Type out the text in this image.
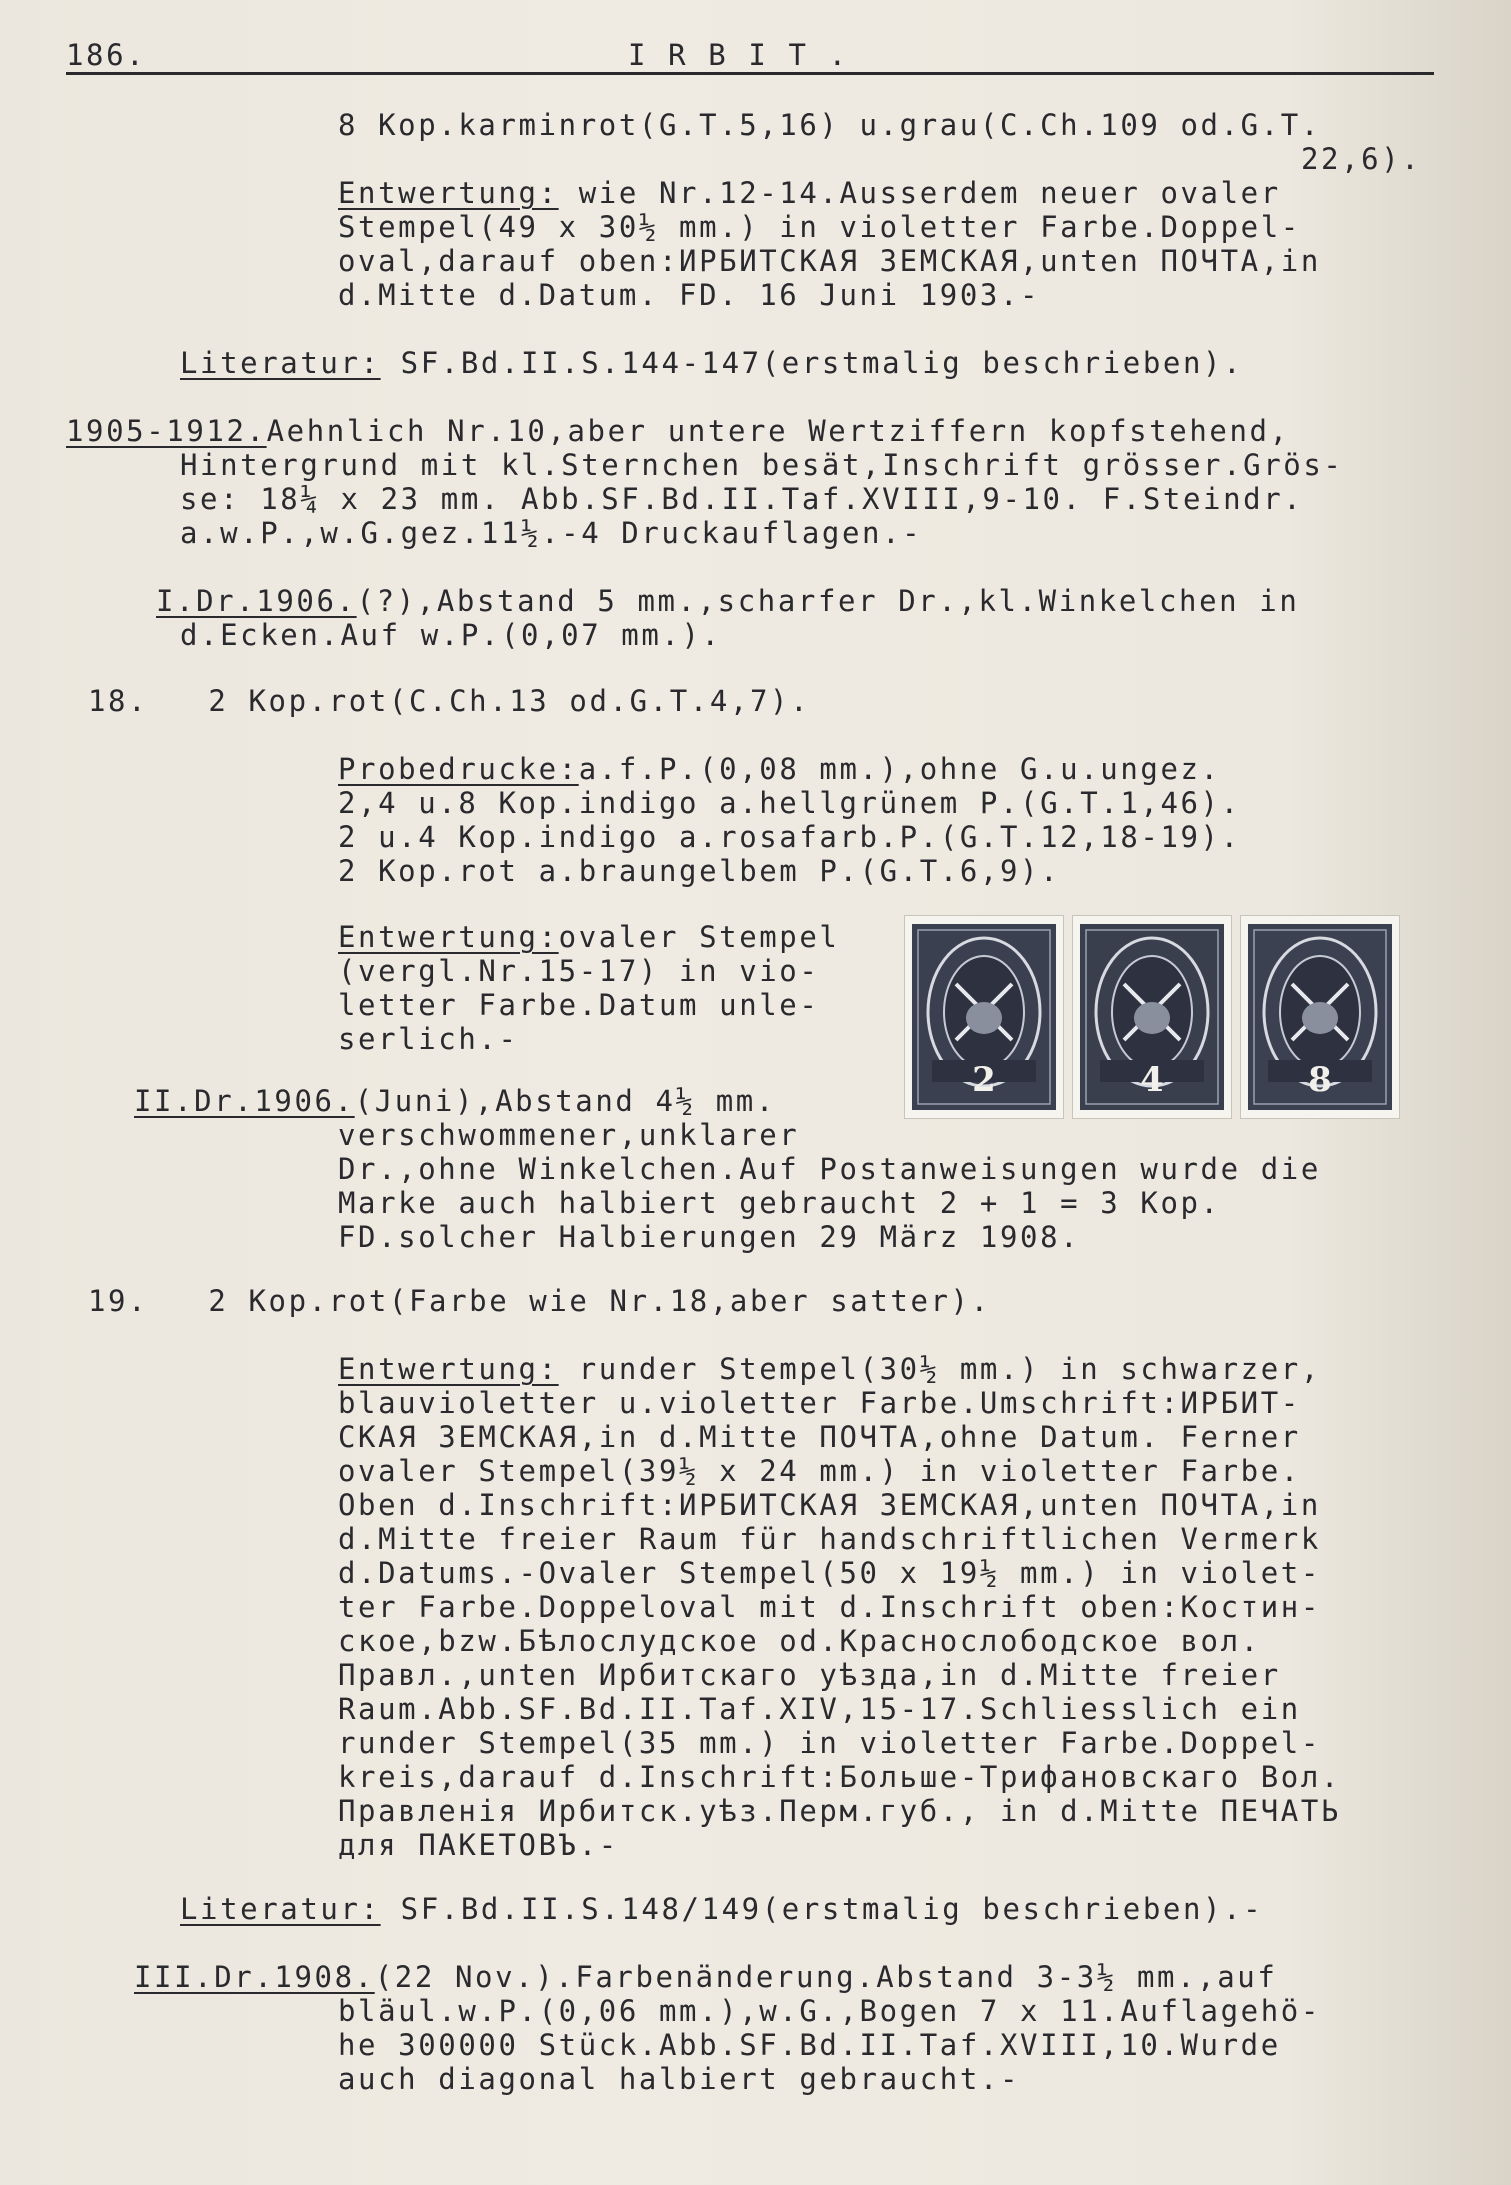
186.	I R B I T .
8 Kop.karminrot(G.T.5,16) u.grau(C.Ch.109 od.G.T.
22,6).
Entwertung: wie Nr.12-14.Ausserdem neuer ovaler
Stempel(49 x 30½ mm.) in violetter Farbe.Doppel-
oval,darauf oben:ИРБИТСКАЯ ЗЕМСКАЯ,unten ПОЧТА,in
d.Mitte d.Datum. FD. 16 Juni 1903.-
Literatur: SF.Bd.II.S.144-147(erstmalig beschrieben).
1905-1912.Aehnlich Nr.10,aber untere Wertziffern kopfstehend,
Hintergrund mit kl.Sternchen besät,Inschrift grösser.Grös-
se: 18¼ x 23 mm. Abb.SF.Bd.II.Taf.XVIII,9-10. F.Steindr.
a.w.P.,w.G.gez.11½.-4 Druckauflagen.-
I.Dr.1906.(?),Abstand 5 mm.,scharfer Dr.,kl.Winkelchen in
d.Ecken.Auf w.P.(0,07 mm.).
18.   2 Kop.rot(C.Ch.13 od.G.T.4,7).
Probedrucke:a.f.P.(0,08 mm.),ohne G.u.ungez.
2,4 u.8 Kop.indigo a.hellgrünem P.(G.T.1,46).
2 u.4 Kop.indigo a.rosafarb.P.(G.T.12,18-19).
2 Kop.rot a.braungelbem P.(G.T.6,9).
Entwertung:ovaler Stempel
(vergl.Nr.15-17) in vio-
letter Farbe.Datum unle-
serlich.-
II.Dr.1906.(Juni),Abstand 4½ mm.
verschwommener,unklarer
Dr.,ohne Winkelchen.Auf Postanweisungen wurde die
Marke auch halbiert gebraucht 2 + 1 = 3 Kop.
FD.solcher Halbierungen 29 März 1908.
19.   2 Kop.rot(Farbe wie Nr.18,aber satter).
Entwertung: runder Stempel(30½ mm.) in schwarzer,
blauvioletter u.violetter Farbe.Umschrift:ИРБИТ-
СКАЯ ЗЕМСКАЯ,in d.Mitte ПОЧТА,ohne Datum. Ferner
ovaler Stempel(39½ x 24 mm.) in violetter Farbe.
Oben d.Inschrift:ИРБИТСКАЯ ЗЕМСКАЯ,unten ПОЧТА,in
d.Mitte freier Raum für handschriftlichen Vermerk
d.Datums.-Ovaler Stempel(50 x 19½ mm.) in violet-
ter Farbe.Doppeloval mit d.Inschrift oben:Костин-
ское,bzw.Бѣлослудское od.Краснослободское вол.
Правл.,unten Ирбитскаго уѣзда,in d.Mitte freier
Raum.Abb.SF.Bd.II.Taf.XIV,15-17.Schliesslich ein
runder Stempel(35 mm.) in violetter Farbe.Doppel-
kreis,darauf d.Inschrift:Больше-Трифановскаго Вол.
Правленія Ирбитск.уѣз.Перм.губ., in d.Mitte ПЕЧАТЬ
для ПАКЕТОВЪ.-
Literatur: SF.Bd.II.S.148/149(erstmalig beschrieben).-
III.Dr.1908.(22 Nov.).Farbenänderung.Abstand 3-3½ mm.,auf
bläul.w.P.(0,06 mm.),w.G.,Bogen 7 x 11.Auflagehö-
he 300000 Stück.Abb.SF.Bd.II.Taf.XVIII,10.Wurde
auch diagonal halbiert gebraucht.-
2	4	8
